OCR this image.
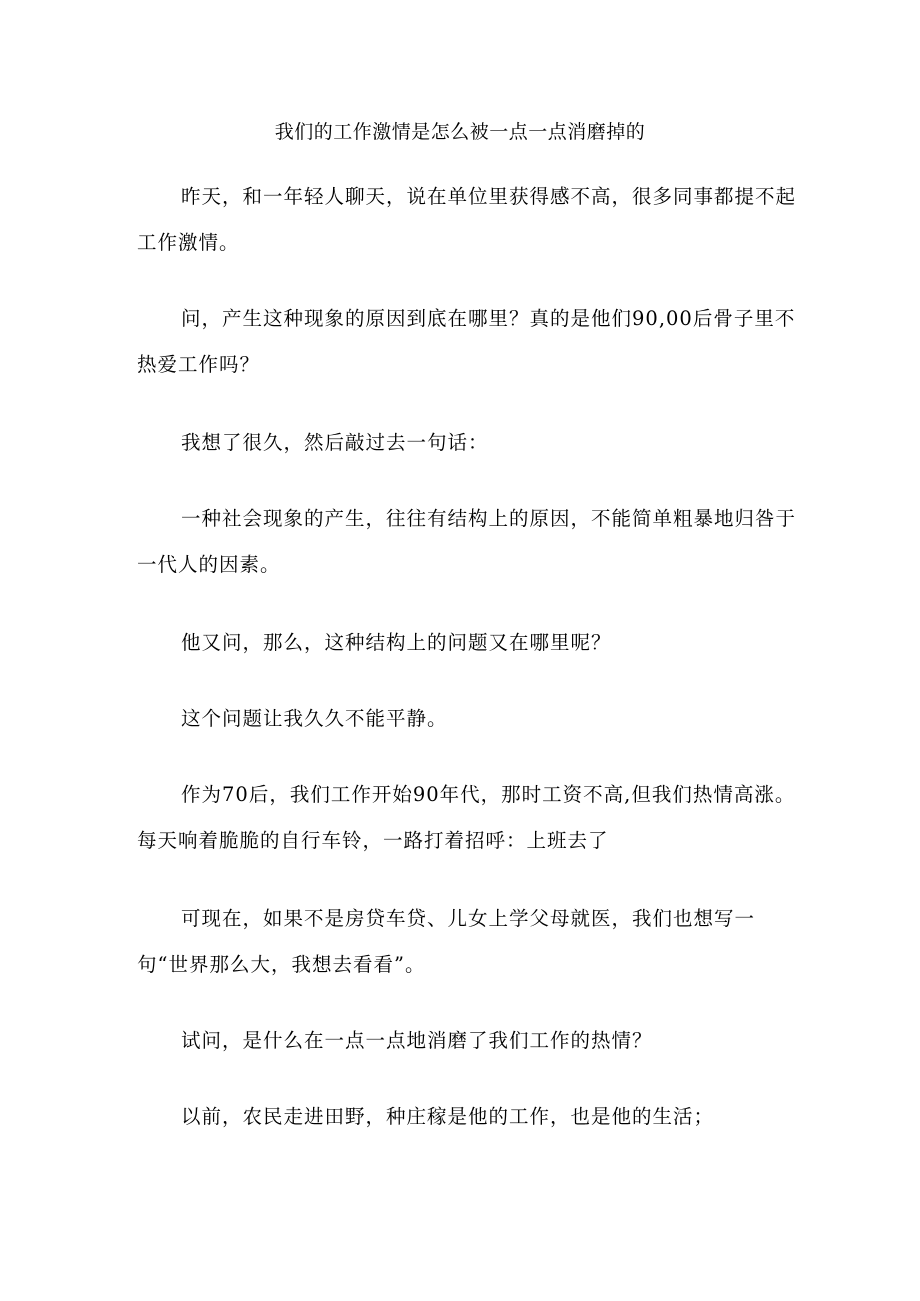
我们的工作激情是怎么被一点一点消磨掉的
昨天，和一年轻人聊天，说在单位里获得感不高，很多同事都提不起工作激情。
问，产生这种现象的原因到底在哪里？真的是他们90,00后骨子里不热爱工作吗？
我想了很久，然后敲过去一句话：
一种社会现象的产生，往往有结构上的原因，不能简单粗暴地归咎于一代人的因素。
他又问，那么，这种结构上的问题又在哪里呢？
这个问题让我久久不能平静。
作为70后，我们工作开始90年代，那时工资不高,但我们热情高涨。每天响着脆脆的自行车铃，一路打着招呼：上班去了
可现在，如果不是房贷车贷、儿女上学父母就医，我们也想写一句“世界那么大，我想去看看”。
试问，是什么在一点一点地消磨了我们工作的热情？
以前，农民走进田野，种庄稼是他的工作，也是他的生活；
